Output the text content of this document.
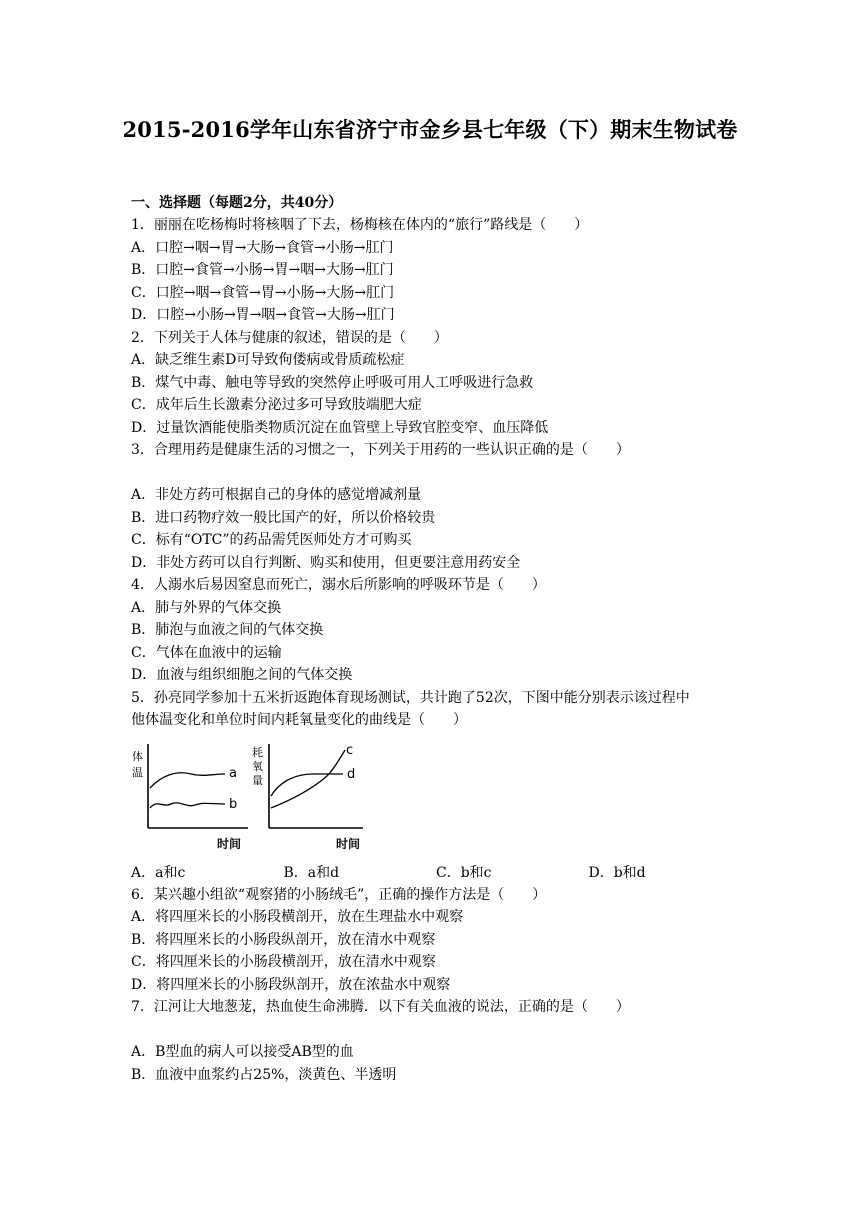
2015-2016学年山东省济宁市金乡县七年级（下）期末生物试卷
一、选择题（每题2分，共40分）
1．丽丽在吃杨梅时将核咽了下去，杨梅核在体内的“旅行”路线是（　　）
A．口腔→咽→胃→大肠→食管→小肠→肛门
B．口腔→食管→小肠→胃→咽→大肠→肛门
C．口腔→咽→食管→胃→小肠→大肠→肛门
D．口腔→小肠→胃→咽→食管→大肠→肛门
2．下列关于人体与健康的叙述，错误的是（　　）
A．缺乏维生素D可导致佝偻病或骨质疏松症
B．煤气中毒、触电等导致的突然停止呼吸可用人工呼吸进行急救
C．成年后生长激素分泌过多可导致肢端肥大症
D．过量饮酒能使脂类物质沉淀在血管壁上导致官腔变窄、血压降低
3．合理用药是健康生活的习惯之一，下列关于用药的一些认识正确的是（　　）
A．非处方药可根据自己的身体的感觉增减剂量
B．进口药物疗效一般比国产的好，所以价格较贵
C．标有“OTC”的药品需凭医师处方才可购买
D．非处方药可以自行判断、购买和使用，但更要注意用药安全
4．人溺水后易因窒息而死亡，溺水后所影响的呼吸环节是（　　）
A．肺与外界的气体交换
B．肺泡与血液之间的气体交换
C．气体在血液中的运输
D．血液与组织细胞之间的气体交换
5．孙亮同学参加十五米折返跑体育现场测试，共计跑了52次，下图中能分别表示该过程中
他体温变化和单位时间内耗氧量变化的曲线是（　　）
体
温	a
b
时间
耗
氧
量
c
d
时间
A．a和c	B．a和d	C．b和c	D．b和d
6．某兴趣小组欲“观察猪的小肠绒毛”，正确的操作方法是（　　）
A．将四厘米长的小肠段横剖开，放在生理盐水中观察
B．将四厘米长的小肠段纵剖开，放在清水中观察
C．将四厘米长的小肠段横剖开，放在清水中观察
D．将四厘米长的小肠段纵剖开，放在浓盐水中观察
7．江河让大地葱茏，热血使生命沸腾．以下有关血液的说法，正确的是（　　）
A．B型血的病人可以接受AB型的血
B．血液中血浆约占25%，淡黄色、半透明
